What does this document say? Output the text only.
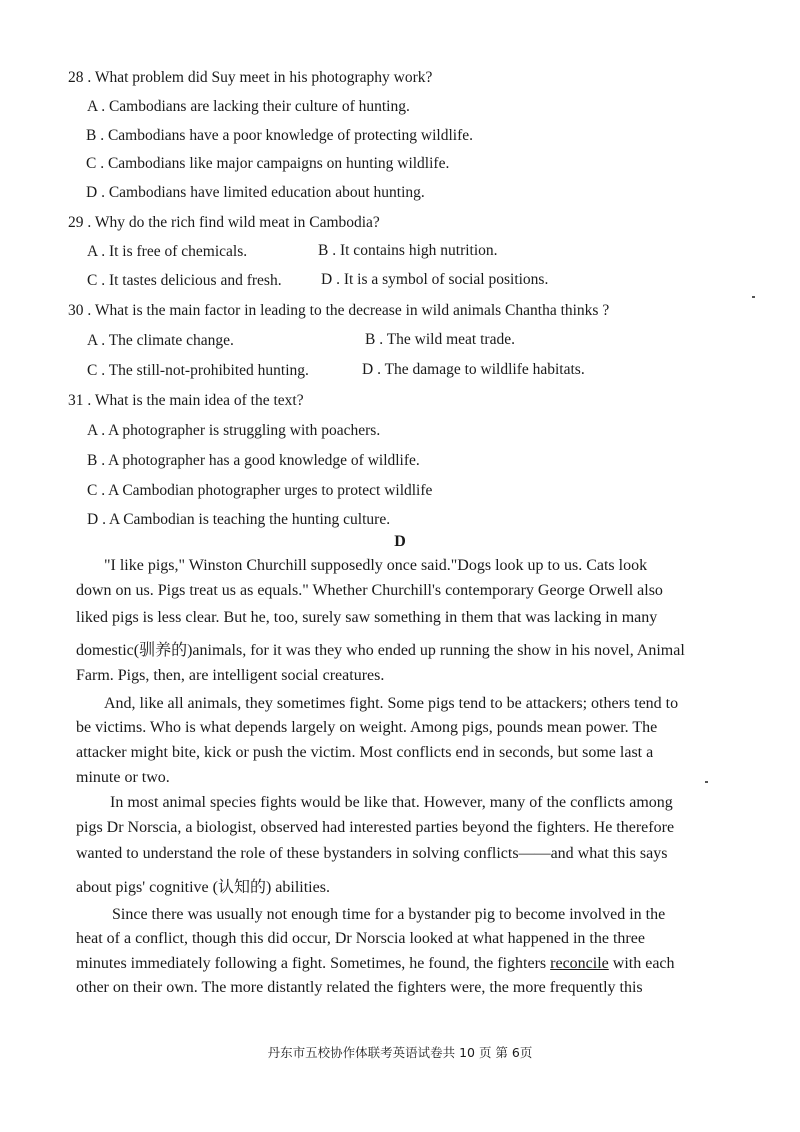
28 . What problem did Suy meet in his photography work?
A . Cambodians are lacking their culture of hunting.
B . Cambodians have a poor knowledge of protecting wildlife.
C . Cambodians like major campaigns on hunting wildlife.
D . Cambodians have limited education about hunting.
29 . Why do the rich find wild meat in Cambodia?
A . It is free of chemicals.	B . It contains high nutrition.
C . It tastes delicious and fresh.	D . It is a symbol of social positions.
30 . What is the main factor in leading to the decrease in wild animals Chantha thinks ?
A . The climate change.	B . The wild meat trade.
C . The still-not-prohibited hunting.	D . The damage to wildlife habitats.
31 . What is the main idea of the text?
A . A photographer is struggling with poachers.
B . A photographer has a good knowledge of wildlife.
C . A Cambodian photographer urges to protect wildlife
D . A Cambodian is teaching the hunting culture.
D
"I like pigs," Winston Churchill supposedly once said."Dogs look up to us. Cats look
down on us. Pigs treat us as equals." Whether Churchill's contemporary George Orwell also
liked pigs is less clear. But he, too, surely saw something in them that was lacking in many
domestic(驯养的)animals, for it was they who ended up running the show in his novel, Animal
Farm. Pigs, then, are intelligent social creatures.
And, like all animals, they sometimes fight. Some pigs tend to be attackers; others tend to
be victims. Who is what depends largely on weight. Among pigs, pounds mean power. The
attacker might bite, kick or push the victim. Most conflicts end in seconds, but some last a
minute or two.
In most animal species fights would be like that. However, many of the conflicts among
pigs Dr Norscia, a biologist, observed had interested parties beyond the fighters. He therefore
wanted to understand the role of these bystanders in solving conflicts——and what this says
about pigs' cognitive (认知的) abilities.
Since there was usually not enough time for a bystander pig to become involved in the
heat of a conflict, though this did occur, Dr Norscia looked at what happened in the three
minutes immediately following a fight. Sometimes, he found, the fighters reconcile with each
other on their own. The more distantly related the fighters were, the more frequently this
丹东市五校协作体联考英语试卷共 10 页 第 6页
